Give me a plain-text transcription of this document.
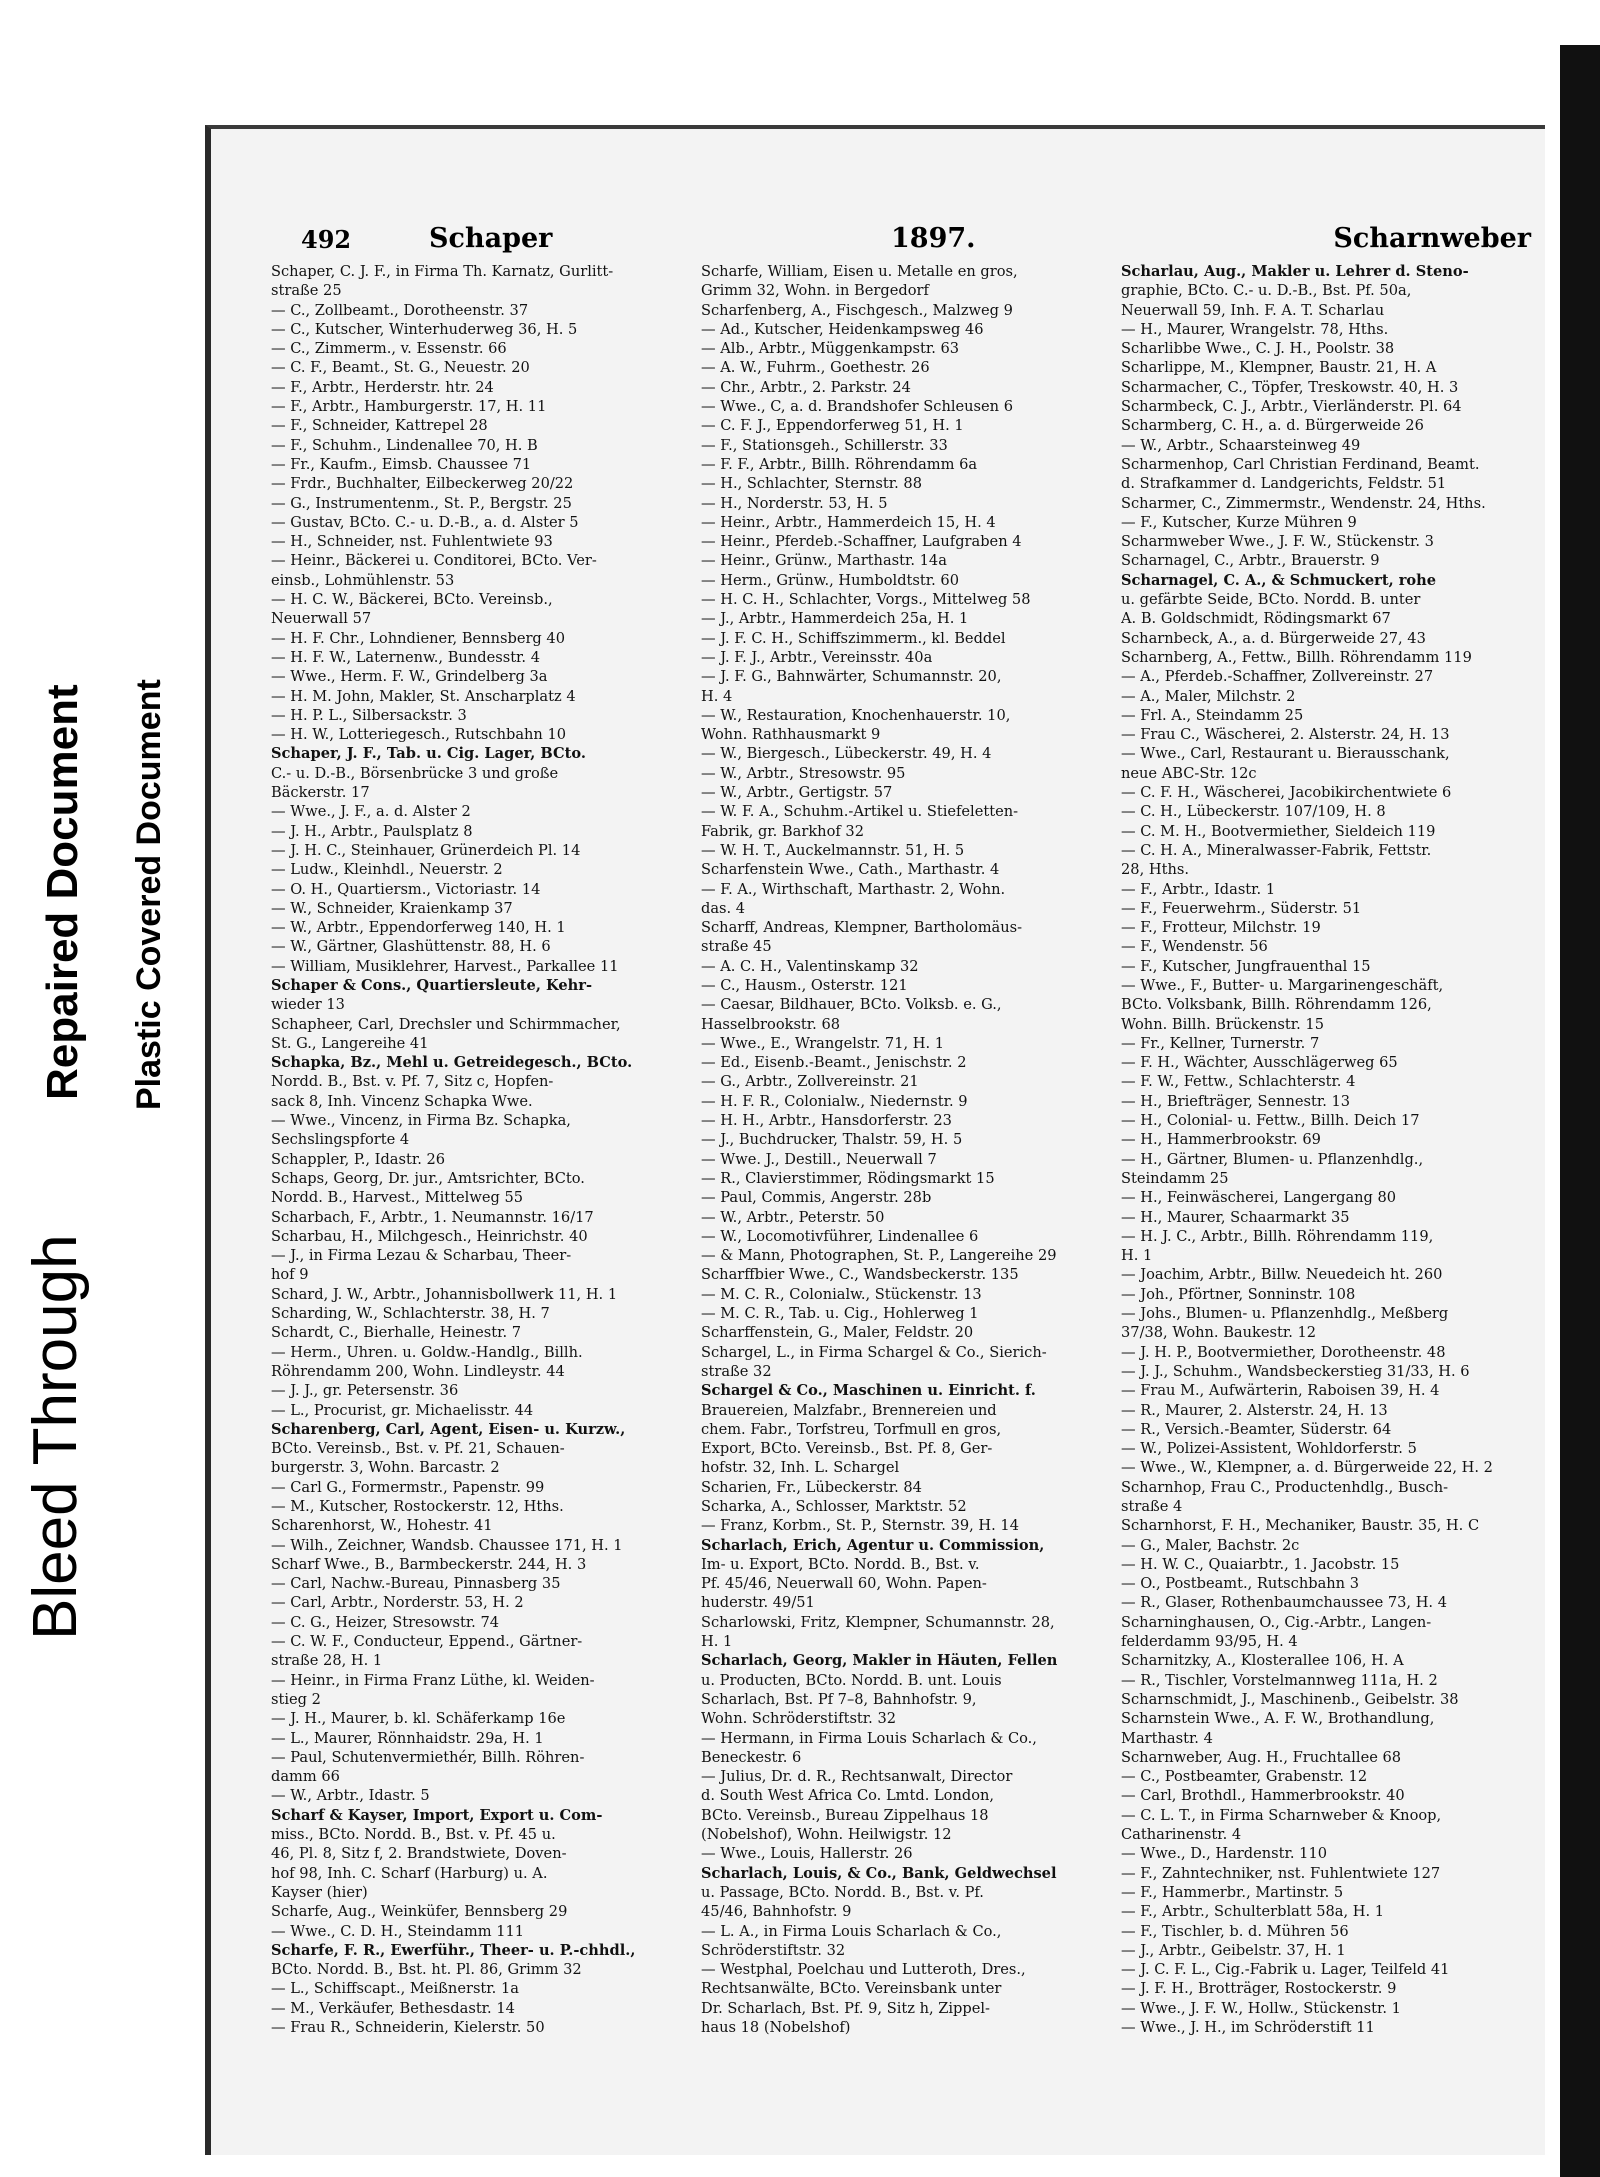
Bleed Through
Repaired Document Plastic Covered Document
492	Schaper	1897.	Scharnweber
Schaper, C. J. F., in Firma Th. Karnatz, Gurlitt-
straße 25
— C., Zollbeamt., Dorotheenstr. 37
— C., Kutscher, Winterhuderweg 36, H. 5
— C., Zimmerm., v. Essenstr. 66
— C. F., Beamt., St. G., Neuestr. 20
— F., Arbtr., Herderstr. htr. 24
— F., Arbtr., Hamburgerstr. 17, H. 11
— F., Schneider, Kattrepel 28
— F., Schuhm., Lindenallee 70, H. B
— Fr., Kaufm., Eimsb. Chaussee 71
— Frdr., Buchhalter, Eilbeckerweg 20/22
— G., Instrumentenm., St. P., Bergstr. 25
— Gustav, BCto. C.- u. D.-B., a. d. Alster 5
— H., Schneider, nst. Fuhlentwiete 93
— Heinr., Bäckerei u. Conditorei, BCto. Ver-
einsb., Lohmühlenstr. 53
— H. C. W., Bäckerei, BCto. Vereinsb.,
Neuerwall 57
— H. F. Chr., Lohndiener, Bennsberg 40
— H. F. W., Laternenw., Bundesstr. 4
— Wwe., Herm. F. W., Grindelberg 3a
— H. M. John, Makler, St. Anscharplatz 4
— H. P. L., Silbersackstr. 3
— H. W., Lotteriegesch., Rutschbahn 10
Schaper, J. F., Tab. u. Cig. Lager, BCto.
C.- u. D.-B., Börsenbrücke 3 und große
Bäckerstr. 17
— Wwe., J. F., a. d. Alster 2
— J. H., Arbtr., Paulsplatz 8
— J. H. C., Steinhauer, Grünerdeich Pl. 14
— Ludw., Kleinhdl., Neuerstr. 2
— O. H., Quartiersm., Victoriastr. 14
— W., Schneider, Kraienkamp 37
— W., Arbtr., Eppendorferweg 140, H. 1
— W., Gärtner, Glashüttenstr. 88, H. 6
— William, Musiklehrer, Harvest., Parkallee 11
Schaper & Cons., Quartiersleute, Kehr-
wieder 13
Schapheer, Carl, Drechsler und Schirmmacher,
St. G., Langereihe 41
Schapka, Bz., Mehl u. Getreidegesch., BCto.
Nordd. B., Bst. v. Pf. 7, Sitz c, Hopfen-
sack 8, Inh. Vincenz Schapka Wwe.
— Wwe., Vincenz, in Firma Bz. Schapka,
Sechslingspforte 4
Schappler, P., Idastr. 26
Schaps, Georg, Dr. jur., Amtsrichter, BCto.
Nordd. B., Harvest., Mittelweg 55
Scharbach, F., Arbtr., 1. Neumannstr. 16/17
Scharbau, H., Milchgesch., Heinrichstr. 40
— J., in Firma Lezau & Scharbau, Theer-
hof 9
Schard, J. W., Arbtr., Johannisbollwerk 11, H. 1
Scharding, W., Schlachterstr. 38, H. 7
Schardt, C., Bierhalle, Heinestr. 7
— Herm., Uhren. u. Goldw.-Handlg., Billh.
Röhrendamm 200, Wohn. Lindleystr. 44
— J. J., gr. Petersenstr. 36
— L., Procurist, gr. Michaelisstr. 44
Scharenberg, Carl, Agent, Eisen- u. Kurzw.,
BCto. Vereinsb., Bst. v. Pf. 21, Schauen-
burgerstr. 3, Wohn. Barcastr. 2
— Carl G., Formermstr., Papenstr. 99
— M., Kutscher, Rostockerstr. 12, Hths.
Scharenhorst, W., Hohestr. 41
— Wilh., Zeichner, Wandsb. Chaussee 171, H. 1
Scharf Wwe., B., Barmbeckerstr. 244, H. 3
— Carl, Nachw.-Bureau, Pinnasberg 35
— Carl, Arbtr., Norderstr. 53, H. 2
— C. G., Heizer, Stresowstr. 74
— C. W. F., Conducteur, Eppend., Gärtner-
straße 28, H. 1
— Heinr., in Firma Franz Lüthe, kl. Weiden-
stieg 2
— J. H., Maurer, b. kl. Schäferkamp 16e
— L., Maurer, Rönnhaidstr. 29a, H. 1
— Paul, Schutenvermiethér, Billh. Röhren-
damm 66
— W., Arbtr., Idastr. 5
Scharf & Kayser, Import, Export u. Com-
miss., BCto. Nordd. B., Bst. v. Pf. 45 u.
46, Pl. 8, Sitz f, 2. Brandstwiete, Doven-
hof 98, Inh. C. Scharf (Harburg) u. A.
Kayser (hier)
Scharfe, Aug., Weinküfer, Bennsberg 29
— Wwe., C. D. H., Steindamm 111
Scharfe, F. R., Ewerführ., Theer- u. P.-chhdl.,
BCto. Nordd. B., Bst. ht. Pl. 86, Grimm 32
— L., Schiffscapt., Meißnerstr. 1a
— M., Verkäufer, Bethesdastr. 14
— Frau R., Schneiderin, Kielerstr. 50
Scharfe, William, Eisen u. Metalle en gros,
Grimm 32, Wohn. in Bergedorf
Scharfenberg, A., Fischgesch., Malzweg 9
— Ad., Kutscher, Heidenkampsweg 46
— Alb., Arbtr., Müggenkampstr. 63
— A. W., Fuhrm., Goethestr. 26
— Chr., Arbtr., 2. Parkstr. 24
— Wwe., C, a. d. Brandshofer Schleusen 6
— C. F. J., Eppendorferweg 51, H. 1
— F., Stationsgeh., Schillerstr. 33
— F. F., Arbtr., Billh. Röhrendamm 6a
— H., Schlachter, Sternstr. 88
— H., Norderstr. 53, H. 5
— Heinr., Arbtr., Hammerdeich 15, H. 4
— Heinr., Pferdeb.-Schaffner, Laufgraben 4
— Heinr., Grünw., Marthastr. 14a
— Herm., Grünw., Humboldtstr. 60
— H. C. H., Schlachter, Vorgs., Mittelweg 58
— J., Arbtr., Hammerdeich 25a, H. 1
— J. F. C. H., Schiffszimmerm., kl. Beddel
— J. F. J., Arbtr., Vereinsstr. 40a
— J. F. G., Bahnwärter, Schumannstr. 20,
H. 4
— W., Restauration, Knochenhauerstr. 10,
Wohn. Rathhausmarkt 9
— W., Biergesch., Lübeckerstr. 49, H. 4
— W., Arbtr., Stresowstr. 95
— W., Arbtr., Gertigstr. 57
— W. F. A., Schuhm.-Artikel u. Stiefeletten-
Fabrik, gr. Barkhof 32
— W. H. T., Auckelmannstr. 51, H. 5
Scharfenstein Wwe., Cath., Marthastr. 4
— F. A., Wirthschaft, Marthastr. 2, Wohn.
das. 4
Scharff, Andreas, Klempner, Bartholomäus-
straße 45
— A. C. H., Valentinskamp 32
— C., Hausm., Osterstr. 121
— Caesar, Bildhauer, BCto. Volksb. e. G.,
Hasselbrookstr. 68
— Wwe., E., Wrangelstr. 71, H. 1
— Ed., Eisenb.-Beamt., Jenischstr. 2
— G., Arbtr., Zollvereinstr. 21
— H. F. R., Colonialw., Niedernstr. 9
— H. H., Arbtr., Hansdorferstr. 23
— J., Buchdrucker, Thalstr. 59, H. 5
— Wwe. J., Destill., Neuerwall 7
— R., Clavierstimmer, Rödingsmarkt 15
— Paul, Commis, Angerstr. 28b
— W., Arbtr., Peterstr. 50
— W., Locomotivführer, Lindenallee 6
— & Mann, Photographen, St. P., Langereihe 29
Scharffbier Wwe., C., Wandsbeckerstr. 135
— M. C. R., Colonialw., Stückenstr. 13
— M. C. R., Tab. u. Cig., Hohlerweg 1
Scharffenstein, G., Maler, Feldstr. 20
Schargel, L., in Firma Schargel & Co., Sierich-
straße 32
Schargel & Co., Maschinen u. Einricht. f.
Brauereien, Malzfabr., Brennereien und
chem. Fabr., Torfstreu, Torfmull en gros,
Export, BCto. Vereinsb., Bst. Pf. 8, Ger-
hofstr. 32, Inh. L. Schargel
Scharien, Fr., Lübeckerstr. 84
Scharka, A., Schlosser, Marktstr. 52
— Franz, Korbm., St. P., Sternstr. 39, H. 14
Scharlach, Erich, Agentur u. Commission,
Im- u. Export, BCto. Nordd. B., Bst. v.
Pf. 45/46, Neuerwall 60, Wohn. Papen-
huderstr. 49/51
Scharlowski, Fritz, Klempner, Schumannstr. 28,
H. 1
Scharlach, Georg, Makler in Häuten, Fellen
u. Producten, BCto. Nordd. B. unt. Louis
Scharlach, Bst. Pf 7–8, Bahnhofstr. 9,
Wohn. Schröderstiftstr. 32
— Hermann, in Firma Louis Scharlach & Co.,
Beneckestr. 6
— Julius, Dr. d. R., Rechtsanwalt, Director
d. South West Africa Co. Lmtd. London,
BCto. Vereinsb., Bureau Zippelhaus 18
(Nobelshof), Wohn. Heilwigstr. 12
— Wwe., Louis, Hallerstr. 26
Scharlach, Louis, & Co., Bank, Geldwechsel
u. Passage, BCto. Nordd. B., Bst. v. Pf.
45/46, Bahnhofstr. 9
— L. A., in Firma Louis Scharlach & Co.,
Schröderstiftstr. 32
— Westphal, Poelchau und Lutteroth, Dres.,
Rechtsanwälte, BCto. Vereinsbank unter
Dr. Scharlach, Bst. Pf. 9, Sitz h, Zippel-
haus 18 (Nobelshof)
Scharlau, Aug., Makler u. Lehrer d. Steno-
graphie, BCto. C.- u. D.-B., Bst. Pf. 50a,
Neuerwall 59, Inh. F. A. T. Scharlau
— H., Maurer, Wrangelstr. 78, Hths.
Scharlibbe Wwe., C. J. H., Poolstr. 38
Scharlippe, M., Klempner, Baustr. 21, H. A
Scharmacher, C., Töpfer, Treskowstr. 40, H. 3
Scharmbeck, C. J., Arbtr., Vierländerstr. Pl. 64
Scharmberg, C. H., a. d. Bürgerweide 26
— W., Arbtr., Schaarsteinweg 49
Scharmenhop, Carl Christian Ferdinand, Beamt.
d. Strafkammer d. Landgerichts, Feldstr. 51
Scharmer, C., Zimmermstr., Wendenstr. 24, Hths.
— F., Kutscher, Kurze Mühren 9
Scharmweber Wwe., J. F. W., Stückenstr. 3
Scharnagel, C., Arbtr., Brauerstr. 9
Scharnagel, C. A., & Schmuckert, rohe
u. gefärbte Seide, BCto. Nordd. B. unter
A. B. Goldschmidt, Rödingsmarkt 67
Scharnbeck, A., a. d. Bürgerweide 27, 43
Scharnberg, A., Fettw., Billh. Röhrendamm 119
— A., Pferdeb.-Schaffner, Zollvereinstr. 27
— A., Maler, Milchstr. 2
— Frl. A., Steindamm 25
— Frau C., Wäscherei, 2. Alsterstr. 24, H. 13
— Wwe., Carl, Restaurant u. Bierausschank,
neue ABC-Str. 12c
— C. F. H., Wäscherei, Jacobikirchentwiete 6
— C. H., Lübeckerstr. 107/109, H. 8
— C. M. H., Bootvermiether, Sieldeich 119
— C. H. A., Mineralwasser-Fabrik, Fettstr.
28, Hths.
— F., Arbtr., Idastr. 1
— F., Feuerwehrm., Süderstr. 51
— F., Frotteur, Milchstr. 19
— F., Wendenstr. 56
— F., Kutscher, Jungfrauenthal 15
— Wwe., F., Butter- u. Margarinengeschäft,
BCto. Volksbank, Billh. Röhrendamm 126,
Wohn. Billh. Brückenstr. 15
— Fr., Kellner, Turnerstr. 7
— F. H., Wächter, Ausschlägerweg 65
— F. W., Fettw., Schlachterstr. 4
— H., Briefträger, Sennestr. 13
— H., Colonial- u. Fettw., Billh. Deich 17
— H., Hammerbrookstr. 69
— H., Gärtner, Blumen- u. Pflanzenhdlg.,
Steindamm 25
— H., Feinwäscherei, Langergang 80
— H., Maurer, Schaarmarkt 35
— H. J. C., Arbtr., Billh. Röhrendamm 119,
H. 1
— Joachim, Arbtr., Billw. Neuedeich ht. 260
— Joh., Pförtner, Sonninstr. 108
— Johs., Blumen- u. Pflanzenhdlg., Meßberg
37/38, Wohn. Baukestr. 12
— J. H. P., Bootvermiether, Dorotheenstr. 48
— J. J., Schuhm., Wandsbeckerstieg 31/33, H. 6
— Frau M., Aufwärterin, Raboisen 39, H. 4
— R., Maurer, 2. Alsterstr. 24, H. 13
— R., Versich.-Beamter, Süderstr. 64
— W., Polizei-Assistent, Wohldorferstr. 5
— Wwe., W., Klempner, a. d. Bürgerweide 22, H. 2
Scharnhop, Frau C., Productenhdlg., Busch-
straße 4
Scharnhorst, F. H., Mechaniker, Baustr. 35, H. C
— G., Maler, Bachstr. 2c
— H. W. C., Quaiarbtr., 1. Jacobstr. 15
— O., Postbeamt., Rutschbahn 3
— R., Glaser, Rothenbaumchaussee 73, H. 4
Scharninghausen, O., Cig.-Arbtr., Langen-
felderdamm 93/95, H. 4
Scharnitzky, A., Klosterallee 106, H. A
— R., Tischler, Vorstelmannweg 111a, H. 2
Scharnschmidt, J., Maschinenb., Geibelstr. 38
Scharnstein Wwe., A. F. W., Brothandlung,
Marthastr. 4
Scharnweber, Aug. H., Fruchtallee 68
— C., Postbeamter, Grabenstr. 12
— Carl, Brothdl., Hammerbrookstr. 40
— C. L. T., in Firma Scharnweber & Knoop,
Catharinenstr. 4
— Wwe., D., Hardenstr. 110
— F., Zahntechniker, nst. Fuhlentwiete 127
— F., Hammerbr., Martinstr. 5
— F., Arbtr., Schulterblatt 58a, H. 1
— F., Tischler, b. d. Mühren 56
— J., Arbtr., Geibelstr. 37, H. 1
— J. C. F. L., Cig.-Fabrik u. Lager, Teilfeld 41
— J. F. H., Brotträger, Rostockerstr. 9
— Wwe., J. F. W., Hollw., Stückenstr. 1
— Wwe., J. H., im Schröderstift 11
